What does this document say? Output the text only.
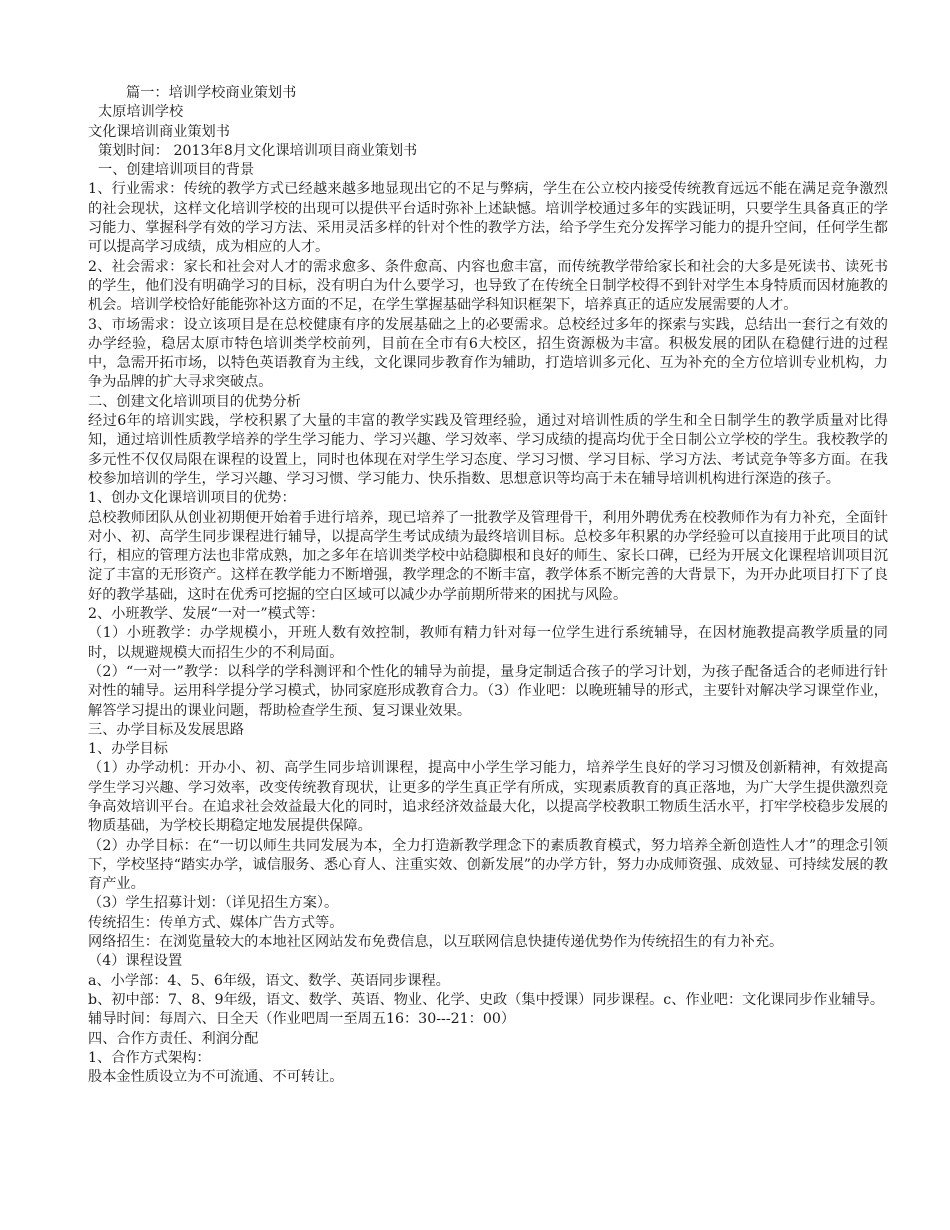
篇一：培训学校商业策划书
太原培训学校
文化课培训商业策划书
策划时间： 2013年8月文化课培训项目商业策划书
一、创建培训项目的背景

1、行业需求：传统的教学方式已经越来越多地显现出它的不足与弊病，学生在公立校内接受传统教育远远不能在满足竞争激烈的社会现状，这样文化培训学校的出现可以提供平台适时弥补上述缺憾。培训学校通过多年的实践证明，只要学生具备真正的学习能力、掌握科学有效的学习方法、采用灵活多样的针对个性的教学方法，给予学生充分发挥学习能力的提升空间，任何学生都可以提高学习成绩，成为相应的人才。

2、社会需求：家长和社会对人才的需求愈多、条件愈高、内容也愈丰富，而传统教学带给家长和社会的大多是死读书、读死书的学生，他们没有明确学习的目标，没有明白为什么要学习，也导致了在传统全日制学校得不到针对学生本身特质而因材施教的机会。培训学校恰好能能弥补这方面的不足，在学生掌握基础学科知识框架下，培养真正的适应发展需要的人才。

3、市场需求：设立该项目是在总校健康有序的发展基础之上的必要需求。总校经过多年的探索与实践，总结出一套行之有效的办学经验，稳居太原市特色培训类学校前列，目前在全市有6大校区，招生资源极为丰富。积极发展的团队在稳健行进的过程中，急需开拓市场，以特色英语教育为主线，文化课同步教育作为辅助，打造培训多元化、互为补充的全方位培训专业机构，力争为品牌的扩大寻求突破点。

二、创建文化培训项目的优势分析

经过6年的培训实践，学校积累了大量的丰富的教学实践及管理经验，通过对培训性质的学生和全日制学生的教学质量对比得知，通过培训性质教学培养的学生学习能力、学习兴趣、学习效率、学习成绩的提高均优于全日制公立学校的学生。我校教学的多元性不仅仅局限在课程的设置上，同时也体现在对学生学习态度、学习习惯、学习目标、学习方法、考试竞争等多方面。在我校参加培训的学生，学习兴趣、学习习惯、学习能力、快乐指数、思想意识等均高于未在辅导培训机构进行深造的孩子。

1、创办文化课培训项目的优势：

总校教师团队从创业初期便开始着手进行培养，现已培养了一批教学及管理骨干，利用外聘优秀在校教师作为有力补充，全面针对小、初、高学生同步课程进行辅导，以提高学生考试成绩为最终培训目标。总校多年积累的办学经验可以直接用于此项目的试行，相应的管理方法也非常成熟，加之多年在培训类学校中站稳脚根和良好的师生、家长口碑，已经为开展文化课程培训项目沉淀了丰富的无形资产。这样在教学能力不断增强，教学理念的不断丰富，教学体系不断完善的大背景下，为开办此项目打下了良好的教学基础，这时在优秀可挖掘的空白区域可以减少办学前期所带来的困扰与风险。

2、小班教学、发展“一对一”模式等：

（1）小班教学：办学规模小，开班人数有效控制，教师有精力针对每一位学生进行系统辅导，在因材施教提高教学质量的同时，以规避规模大而招生少的不利局面。

（2）“一对一”教学：以科学的学科测评和个性化的辅导为前提，量身定制适合孩子的学习计划，为孩子配备适合的老师进行针对性的辅导。运用科学提分学习模式，协同家庭形成教育合力。（3）作业吧：以晚班辅导的形式，主要针对解决学习课堂作业，解答学习提出的课业问题，帮助检查学生预、复习课业效果。

三、办学目标及发展思路
1、办学目标

（1）办学动机：开办小、初、高学生同步培训课程，提高中小学生学习能力，培养学生良好的学习习惯及创新精神，有效提高学生学习兴趣、学习效率，改变传统教育现状，让更多的学生真正学有所成，实现素质教育的真正落地，为广大学生提供激烈竞争高效培训平台。在追求社会效益最大化的同时，追求经济效益最大化，以提高学校教职工物质生活水平，打牢学校稳步发展的物质基础，为学校长期稳定地发展提供保障。

（2）办学目标：在“一切以师生共同发展为本，全力打造新教学理念下的素质教育模式，努力培养全新创造性人才”的理念引领下，学校坚持“踏实办学，诚信服务、悉心育人、注重实效、创新发展”的办学方针，努力办成师资强、成效显、可持续发展的教育产业。

（3）学生招募计划：（详见招生方案）。

传统招生：传单方式、媒体广告方式等。

网络招生：在浏览量较大的本地社区网站发布免费信息，以互联网信息快捷传递优势作为传统招生的有力补充。

（4）课程设置

a、小学部：4、5、6年级，语文、数学、英语同步课程。

b、初中部：7、8、9年级，语文、数学、英语、物业、化学、史政（集中授课）同步课程。c、作业吧：文化课同步作业辅导。

辅导时间：每周六、日全天（作业吧周一至周五16：30---21：00）

四、合作方责任、利润分配
1、合作方式架构：
股本金性质设立为不可流通、不可转让。
